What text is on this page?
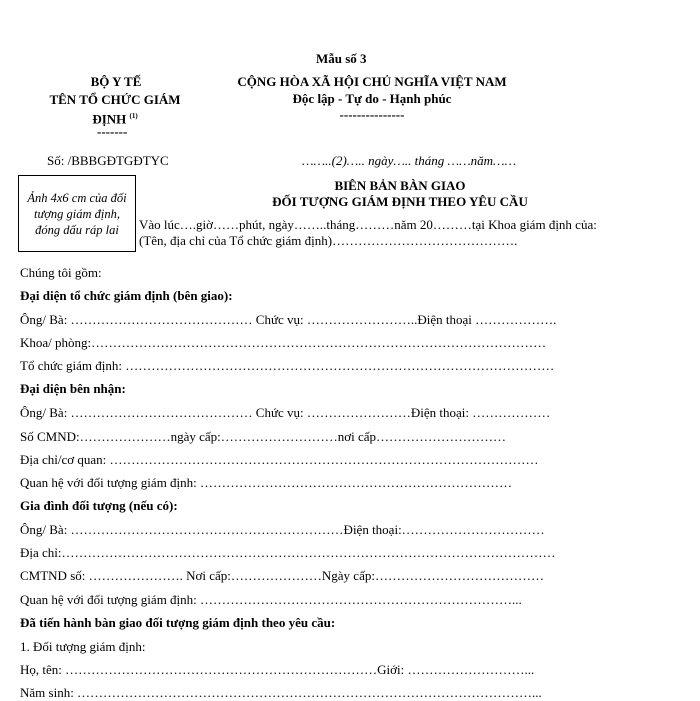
Mẫu số 3
BỘ Y TẾ
TÊN TỔ CHỨC GIÁM ĐỊNH $^{(1)}$
-------
CỘNG HÒA XÃ HỘI CHỦ NGHĨA VIỆT NAM
Độc lập - Tự do - Hạnh phúc
---------------
Số: /BBBGĐTGĐTYC	……..(2)….. ngày….. tháng ……năm……
Ảnh 4x6 cm của đối tượng giám định, đóng dấu ráp lai
BIÊN BẢN BÀN GIAO
ĐỐI TƯỢNG GIÁM ĐỊNH THEO YÊU CẦU
Vào lúc….giờ……phút, ngày……..tháng………năm 20………tại Khoa giám định của:
(Tên, địa chỉ của Tổ chức giám định)…………………………………….
Chúng tôi gồm:
Đại diện tổ chức giám định (bên giao):
Ông/ Bà: …………………………………… Chức vụ: ……………………..Điện thoại ……………….
Khoa/ phòng:……………………………………………………………………………………………
Tổ chức giám định: ………………………………………………………………………………………
Đại diện bên nhận:
Ông/ Bà: …………………………………… Chức vụ: ……………………Điện thoại: ………………
Số CMND:…………………ngày cấp:………………………nơi cấp…………………………
Địa chỉ/cơ quan: ………………………………………………………………………………………
Quan hệ với đối tượng giám định: ………………………………………………………………
Gia đình đối tượng (nếu có):
Ông/ Bà: ………………………………………………………Điện thoại:……………………………
Địa chỉ:……………………………………………………………………………………………………
CMTND số: …………………. Nơi cấp:…………………Ngày cấp:…………………………………
Quan hệ với đối tượng giám định: ………………………………………………………………...
Đã tiến hành bàn giao đối tượng giám định theo yêu cầu:
1. Đối tượng giám định:
Họ, tên: ………………………………………………………………Giới: ………………………...
Năm sinh: ……………………………………………………………………………………………...
